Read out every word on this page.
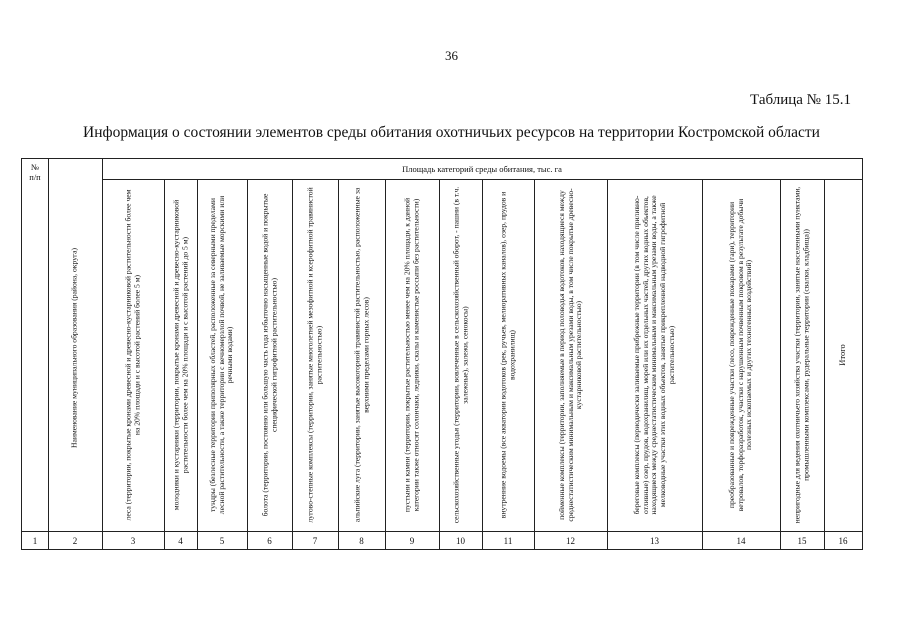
36
Таблица № 15.1
Информация о состоянии элементов среды обитания охотничьих ресурсов на территории Костромской области
№
п/п
Площадь категорий среды обитания, тыс. га
Наименование муниципального образования (района, округа)	леса (территории, покрытые кронами древесной и древесно-кустарниковой растительности более чем на 20% площади и с высотой растений более 5 м)	молодняки и кустарники (территории, покрытые кронами древесной и древесно-кустарниковой растительности более чем на 20% площади и с высотой растений до 5 м)	тундры (безлесные территории приполярных областей, расположенные за северными пределами лесной растительности, а также территории с вечномерзлой почвой, не заливаемые морскими или речными водами)	болота (территории, постоянно или большую часть года избыточно насыщенные водой и покрытые специфической гигрофитной растительностью)	лугово-степные комплексы (территории, занятые многолетней мезофитной и ксерофитной травянистой растительностью)	альпийские луга (территории, занятые высокогорной травянистой растительностью, расположенные за верхними пределами горных лесов)	пустыни и камни (территории, покрытые растительностью менее чем на 20% площади, к данной категории также относят солончаки, ледники, скалы и каменистые россыпи без растительности)	сельскохозяйственные угодья (территории, вовлеченные в сельскохозяйственный оборот, - пашни (в т.ч. залежные), залежи, сенокосы)	внутренние водоемы (все акватории водотоков (рек, ручьев, мелиоративных каналов), озер, прудов и водохранилищ)	пойменные комплексы (территории, заполняемые в период половодья водотоков, находящиеся между среднестатистическим минимальным и максимальным урезами воды, в том числе покрытые древесно-кустарниковой растительностью)	береговые комплексы (периодически заливаемые прибрежные территории (в том числе приливно-отливные) озер, прудов, водохранилищ, морей или их отдельных частей, других водных объектов, находящиеся между среднестатистическим минимальным и максимальным урезами воды, а также мелководные участки этих водных объектов, занятые прикрепленной надводной гигрофитной растительностью)	преобразованные и поврежденные участки (лесо, поврежденные пожарами (гари), территории ветровалов, торфоразработок, участки с нарушенным почвенным покровом в результате добычи полезных ископаемых и других техногенных воздействий)	непригодные для ведения охотничьего хозяйства участки (территории, занятые населенными пунктами, промышленными комплексами, рудеральные территории (свалки, кладбища))	Итого
1	2	3	4	5	6	7	8	9	10	11	12	13	14	15	16
